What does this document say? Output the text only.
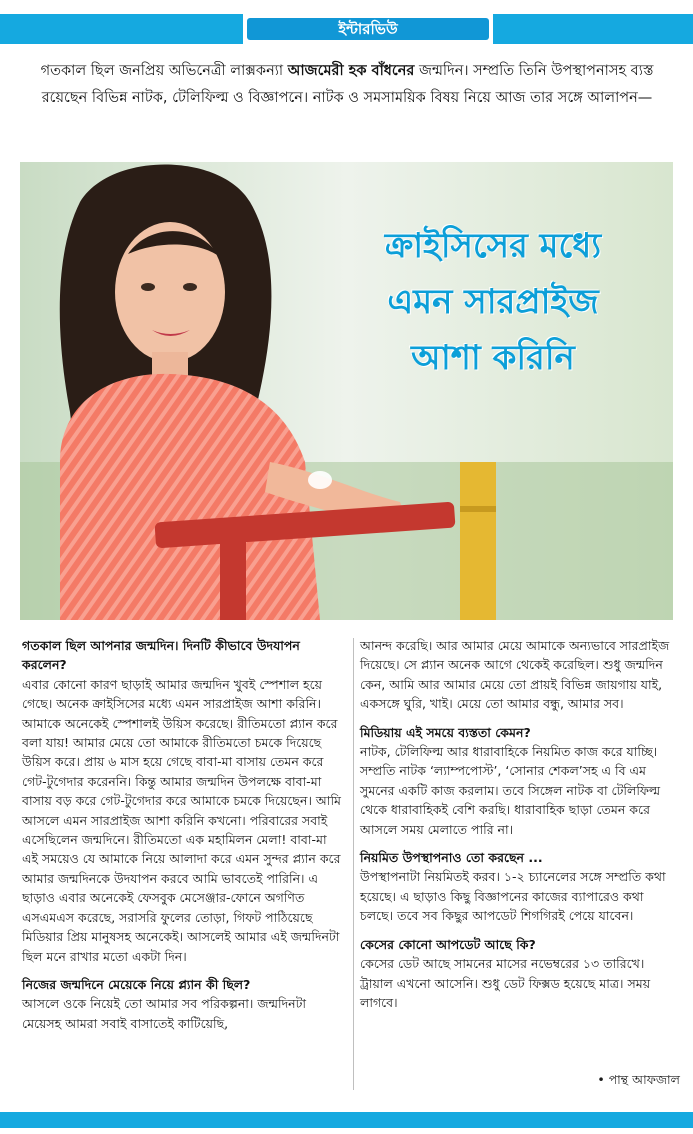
ইন্টারভিউ

গতকাল ছিল জনপ্রিয় অভিনেত্রী লাক্সকন্যা আজমেরী হক বাঁধনের জন্মদিন। সম্প্রতি তিনি উপস্থাপনাসহ ব্যস্ত রয়েছেন বিভিন্ন নাটক, টেলিফিল্ম ও বিজ্ঞাপনে। নাটক ও সমসাময়িক বিষয় নিয়ে আজ তার সঙ্গে আলাপন—

ক্রাইসিসের মধ্যে
এমন সারপ্রাইজ
আশা করিনি
গতকাল ছিল আপনার জন্মদিন। দিনটি কীভাবে উদযাপন করলেন?
এবার কোনো কারণ ছাড়াই আমার জন্মদিন খুবই স্পেশাল হয়ে গেছে। অনেক ক্রাইসিসের মধ্যে এমন সারপ্রাইজ আশা করিনি। আমাকে অনেকেই স্পেশালই উয়িস করেছে। রীতিমতো প্ল্যান করে বলা যায়! আমার মেয়ে তো আমাকে রীতিমতো চমকে দিয়েছে উয়িস করে। প্রায় ৬ মাস হয়ে গেছে বাবা-মা বাসায় তেমন করে গেট-টুগেদার করেননি। কিন্তু আমার জন্মদিন উপলক্ষে বাবা-মা বাসায় বড় করে গেট-টুগেদার করে আমাকে চমকে দিয়েছেন। আমি আসলে এমন সারপ্রাইজ আশা করিনি কখনো। পরিবারের সবাই এসেছিলেন জন্মদিনে। রীতিমতো এক মহামিলন মেলা! বাবা-মা এই সময়েও যে আমাকে নিয়ে আলাদা করে এমন সুন্দর প্ল্যান করে আমার জন্মদিনকে উদযাপন করবে আমি ভাবতেই পারিনি। এ ছাড়াও এবার অনেকেই ফেসবুক মেসেঞ্জার-ফোনে অগণিত এসএমএস করেছে, সরাসরি ফুলের তোড়া, গিফট পাঠিয়েছে মিডিয়ার প্রিয় মানুষসহ অনেকেই। আসলেই আমার এই জন্মদিনটা ছিল মনে রাখার মতো একটা দিন।
নিজের জন্মদিনে মেয়েকে নিয়ে প্ল্যান কী ছিল?
আসলে ওকে নিয়েই তো আমার সব পরিকল্পনা। জন্মদিনটা মেয়েসহ আমরা সবাই বাসাতেই কাটিয়েছি,
আনন্দ করেছি। আর আমার মেয়ে আমাকে অন্যভাবে সারপ্রাইজ দিয়েছে। সে প্ল্যান অনেক আগে থেকেই করেছিল। শুধু জন্মদিন কেন, আমি আর আমার মেয়ে তো প্রায়ই বিভিন্ন জায়গায় যাই, একসঙ্গে ঘুরি, খাই। মেয়ে তো আমার বন্ধু, আমার সব।
মিডিয়ায় এই সময়ে ব্যস্ততা কেমন?
নাটক, টেলিফিল্ম আর ধারাবাহিকে নিয়মিত কাজ করে যাচ্ছি। সম্প্রতি নাটক ‘ল্যাম্পপোস্ট’, ‘সোনার শেকল’সহ এ বি এম সুমনের একটি কাজ করলাম। তবে সিঙ্গেল নাটক বা টেলিফিল্ম থেকে ধারাবাহিকই বেশি করছি। ধারাবাহিক ছাড়া তেমন করে আসলে সময় মেলাতে পারি না।
নিয়মিত উপস্থাপনাও তো করছেন ...
উপস্থাপনাটা নিয়মিতই করব। ১-২ চ্যানেলের সঙ্গে সম্প্রতি কথা হয়েছে। এ ছাড়াও কিছু বিজ্ঞাপনের কাজের ব্যাপারেও কথা চলছে। তবে সব কিছুর আপডেট শিগগিরই পেয়ে যাবেন।
কেসের কোনো আপডেট আছে কি?
কেসের ডেট আছে সামনের মাসের নভেম্বরের ১৩ তারিখে। ট্রায়াল এখনো আসেনি। শুধু ডেট ফিক্সড হয়েছে মাত্র। সময় লাগবে।
• পান্থ আফজাল
